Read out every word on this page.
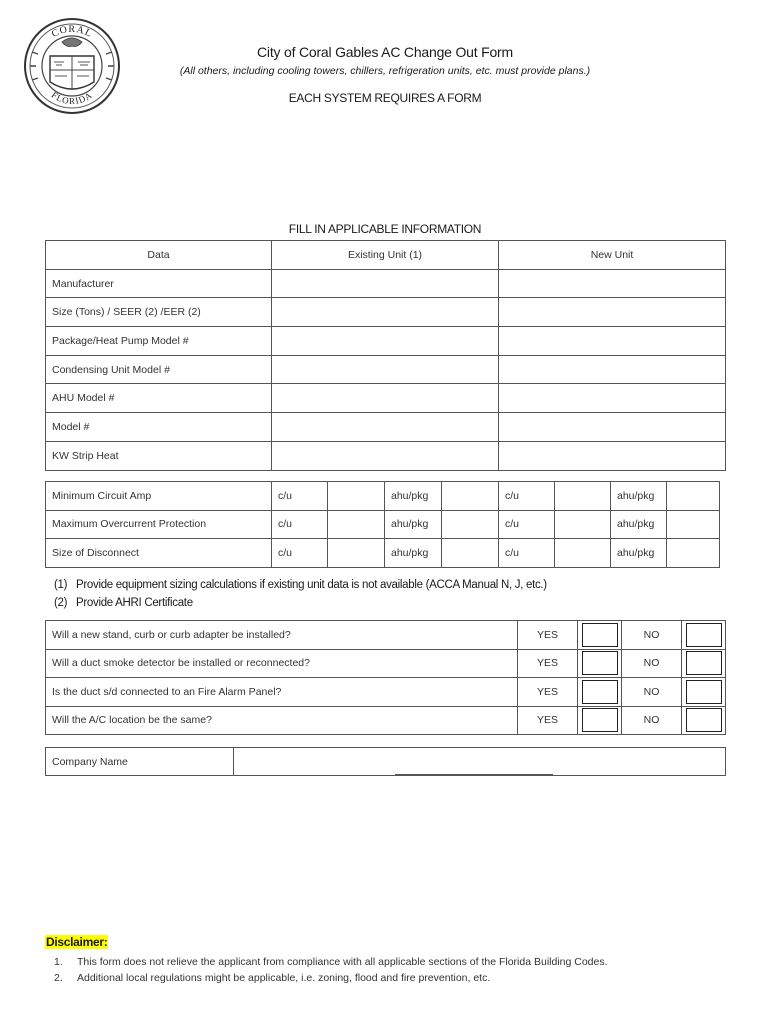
CORAL
FLORIDA
City of Coral Gables AC Change Out Form
(All others, including cooling towers, chillers, refrigeration units, etc. must provide plans.)
EACH SYSTEM REQUIRES A FORM
FILL IN APPLICABLE INFORMATION
Data	Existing Unit (1)	New Unit
Manufacturer		
Size (Tons) / SEER (2) /EER (2)		
Package/Heat Pump Model #		
Condensing Unit Model #		
AHU Model #		
Model #		
KW Strip Heat		
Minimum Circuit Amp	c/u		ahu/pkg		c/u		ahu/pkg	
Maximum Overcurrent Protection	c/u		ahu/pkg		c/u		ahu/pkg	
Size of Disconnect	c/u		ahu/pkg		c/u		ahu/pkg	
(1) Provide equipment sizing calculations if existing unit data is not available (ACCA Manual N, J, etc.)
(2) Provide AHRI Certificate
Will a new stand, curb or curb adapter be installed?	YES		NO	

Will a duct smoke detector be installed or reconnected?	YES		NO	

Is the duct s/d connected to an Fire Alarm Panel?	YES		NO	

Will the A/C location be the same?	YES		NO	
Company Name	
Disclaimer:
1. This form does not relieve the applicant from compliance with all applicable sections of the Florida Building Codes.
2. Additional local regulations might be applicable, i.e. zoning, flood and fire prevention, etc.
